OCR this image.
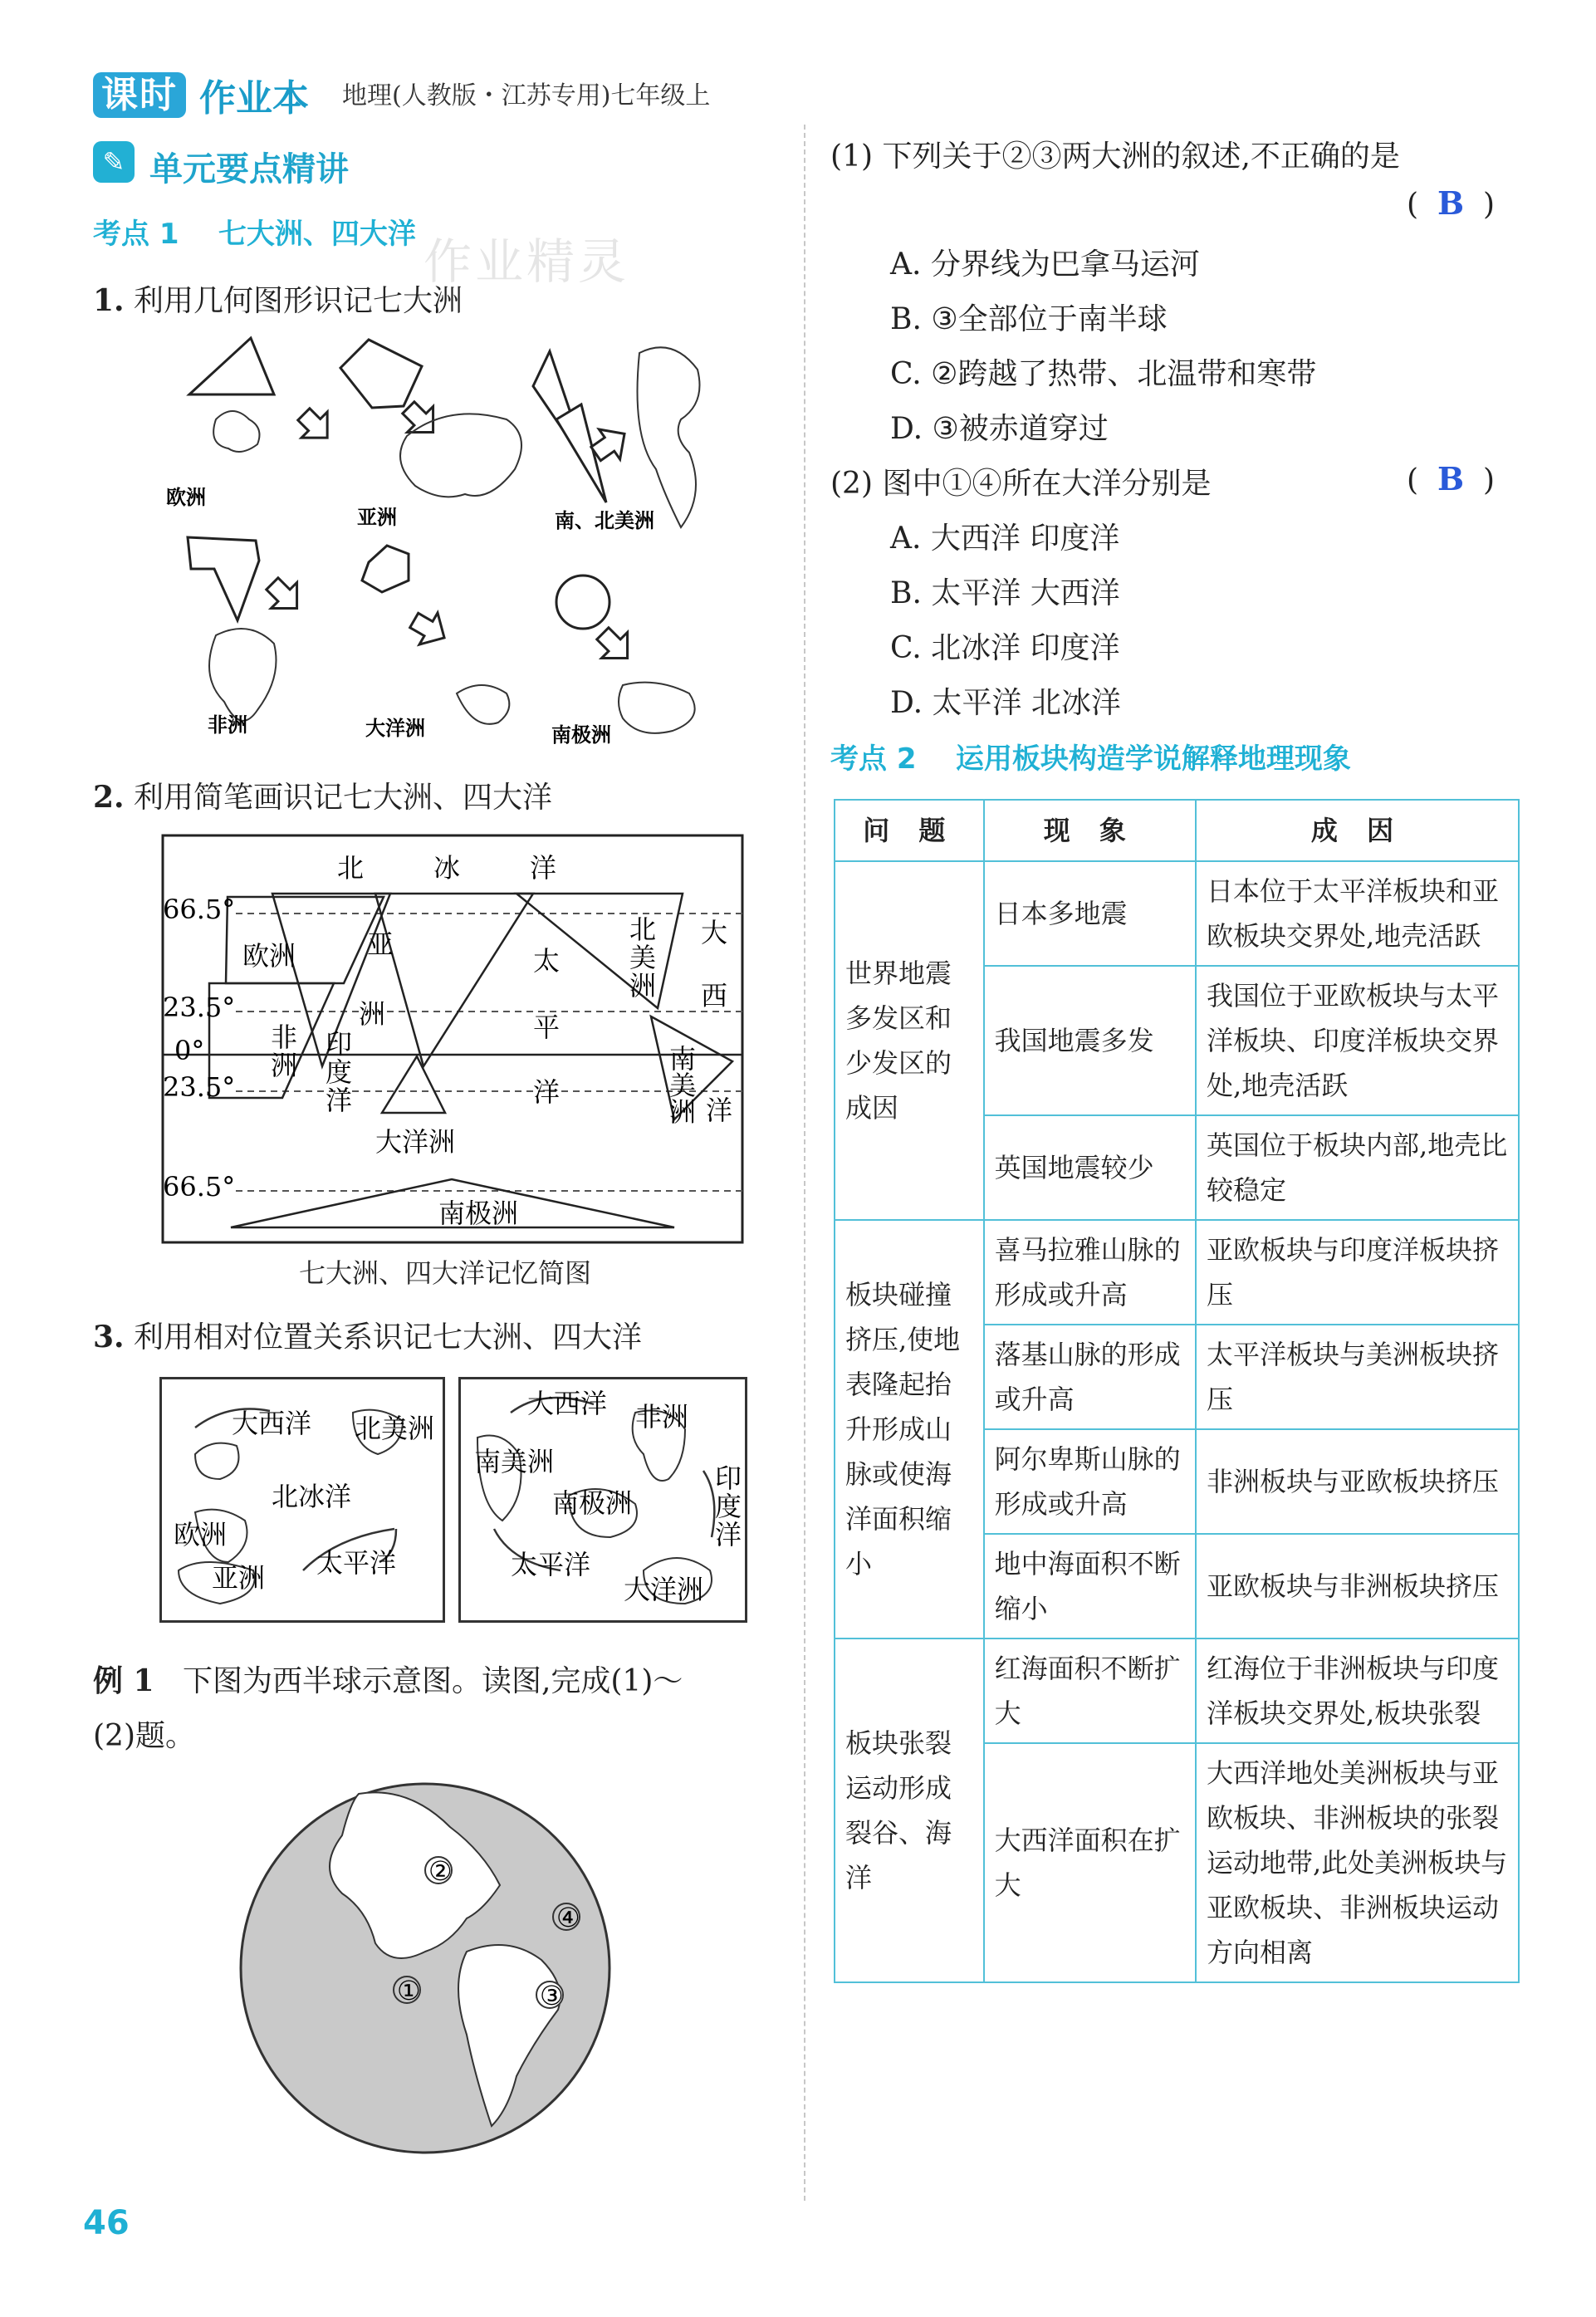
课时 作业本 地理(人教版・江苏专用)七年级上
✎ 单元要点精讲
考点 1 七大洲、四大洋 作业精灵
1. 利用几何图形识记七大洲
欧洲
亚洲	南、北美洲
非洲	大洋洲	南极洲
2. 利用简笔画识记七大洲、四大洋
66.5°
23.5°
0°
23.5°
66.5°
北	冰	洋
欧洲	亚
洲
太
平
洋
北
美
洲
大
西
洋
非
洲
印
度
洋
南
美
洲
大洋洲
南极洲
七大洲、四大洋记忆简图
3. 利用相对位置关系识记七大洲、四大洋
大西洋 北美洲
北冰洋
欧洲
亚洲 太平洋
大西洋 非洲
南美洲
南极洲
印
度
洋
太平洋
大洋洲
例 1 下图为西半球示意图。读图,完成(1)～
(2)题。
②
④
①	③
46
(1) 下列关于②③两大洲的叙述,不正确的是
(  B  )
A. 分界线为巴拿马运河
B. ③全部位于南半球
C. ②跨越了热带、北温带和寒带
D. ③被赤道穿过
(2) 图中①④所在大洋分别是	(  B  )
A. 大西洋 印度洋
B. 太平洋 大西洋
C. 北冰洋 印度洋
D. 太平洋 北冰洋
考点 2 运用板块构造学说解释地理现象
问 题	现 象	成 因
世界地震多发区和少发区的成因	日本多地震	日本位于太平洋板块和亚欧板块交界处,地壳活跃
	我国地震多发	我国位于亚欧板块与太平洋板块、印度洋板块交界处,地壳活跃
	英国地震较少	英国位于板块内部,地壳比较稳定
板块碰撞挤压,使地表隆起抬升形成山脉或使海洋面积缩小	喜马拉雅山脉的形成或升高	亚欧板块与印度洋板块挤压
	落基山脉的形成或升高	太平洋板块与美洲板块挤压
	阿尔卑斯山脉的形成或升高	非洲板块与亚欧板块挤压
	地中海面积不断缩小	亚欧板块与非洲板块挤压
板块张裂运动形成裂谷、海洋	红海面积不断扩大	红海位于非洲板块与印度洋板块交界处,板块张裂
	大西洋面积在扩大	大西洋地处美洲板块与亚欧板块、非洲板块的张裂运动地带,此处美洲板块与亚欧板块、非洲板块运动方向相离
